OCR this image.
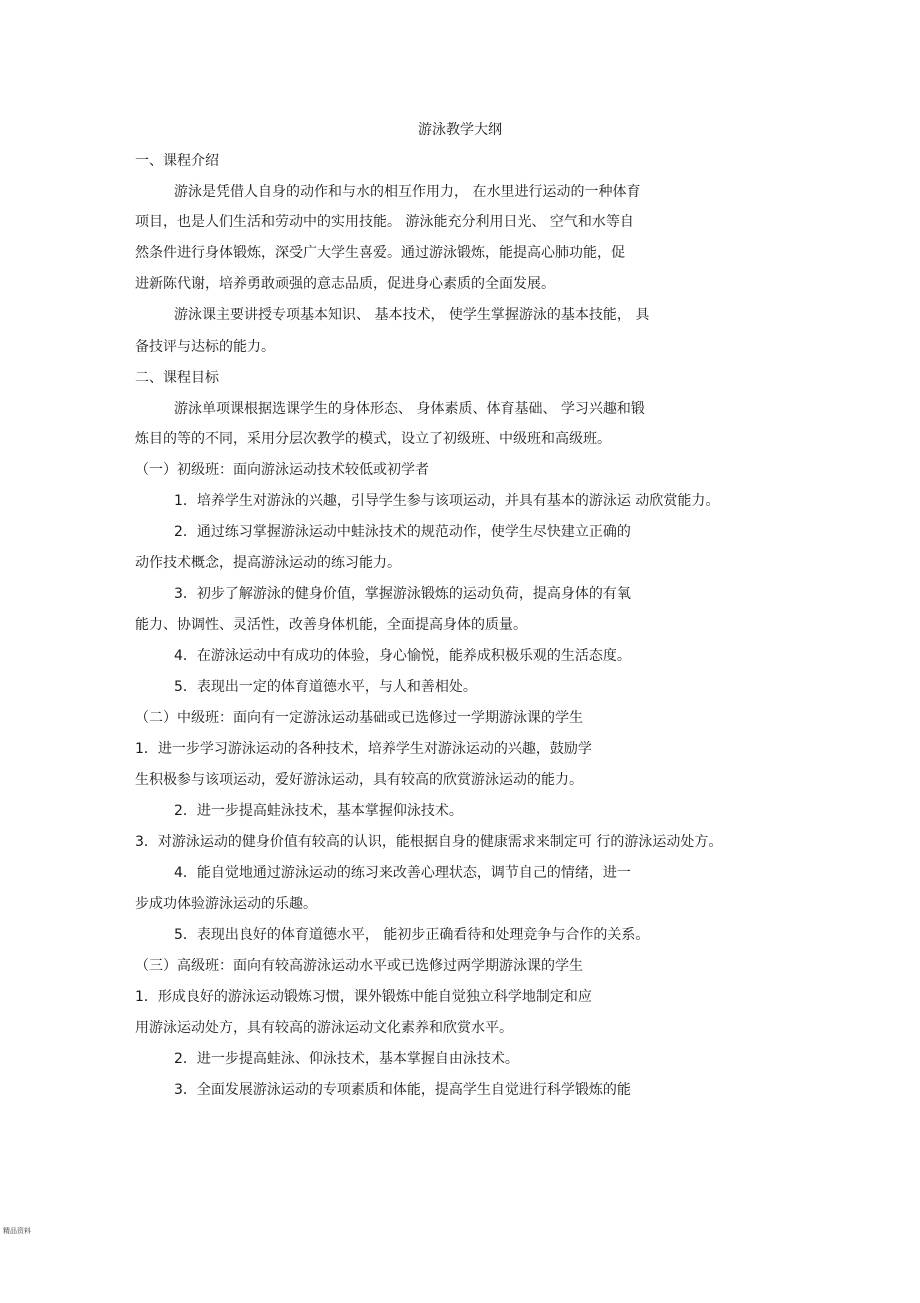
游泳教学大纲
一、课程介绍
游泳是凭借人自身的动作和与水的相互作用力， 在水里进行运动的一种体育
项目，也是人们生活和劳动中的实用技能。 游泳能充分利用日光、 空气和水等自
然条件进行身体锻炼，深受广大学生喜爱。通过游泳锻炼，能提高心肺功能，促
进新陈代谢，培养勇敢顽强的意志品质，促进身心素质的全面发展。
游泳课主要讲授专项基本知识、 基本技术， 使学生掌握游泳的基本技能， 具
备技评与达标的能力。
二、课程目标
游泳单项课根据选课学生的身体形态、 身体素质、体育基础、 学习兴趣和锻
炼目的等的不同，采用分层次教学的模式，设立了初级班、中级班和高级班。
（一）初级班：面向游泳运动技术较低或初学者
1．培养学生对游泳的兴趣，引导学生参与该项运动，并具有基本的游泳运 动欣赏能力。
2．通过练习掌握游泳运动中蛙泳技术的规范动作，使学生尽快建立正确的
动作技术概念，提高游泳运动的练习能力。
3．初步了解游泳的健身价值，掌握游泳锻炼的运动负荷，提高身体的有氧
能力、协调性、灵活性，改善身体机能，全面提高身体的质量。
4．在游泳运动中有成功的体验，身心愉悦，能养成积极乐观的生活态度。
5．表现出一定的体育道德水平，与人和善相处。
（二）中级班：面向有一定游泳运动基础或已选修过一学期游泳课的学生
1．进一步学习游泳运动的各种技术，培养学生对游泳运动的兴趣，鼓励学
生积极参与该项运动，爱好游泳运动，具有较高的欣赏游泳运动的能力。
2．进一步提高蛙泳技术，基本掌握仰泳技术。
3．对游泳运动的健身价值有较高的认识，能根据自身的健康需求来制定可 行的游泳运动处方。
4．能自觉地通过游泳运动的练习来改善心理状态，调节自己的情绪，进一
步成功体验游泳运动的乐趣。
5．表现出良好的体育道德水平， 能初步正确看待和处理竞争与合作的关系。
（三）高级班：面向有较高游泳运动水平或已选修过两学期游泳课的学生
1．形成良好的游泳运动锻炼习惯，课外锻炼中能自觉独立科学地制定和应
用游泳运动处方，具有较高的游泳运动文化素养和欣赏水平。
2．进一步提高蛙泳、仰泳技术，基本掌握自由泳技术。
3．全面发展游泳运动的专项素质和体能，提高学生自觉进行科学锻炼的能
精品资料
